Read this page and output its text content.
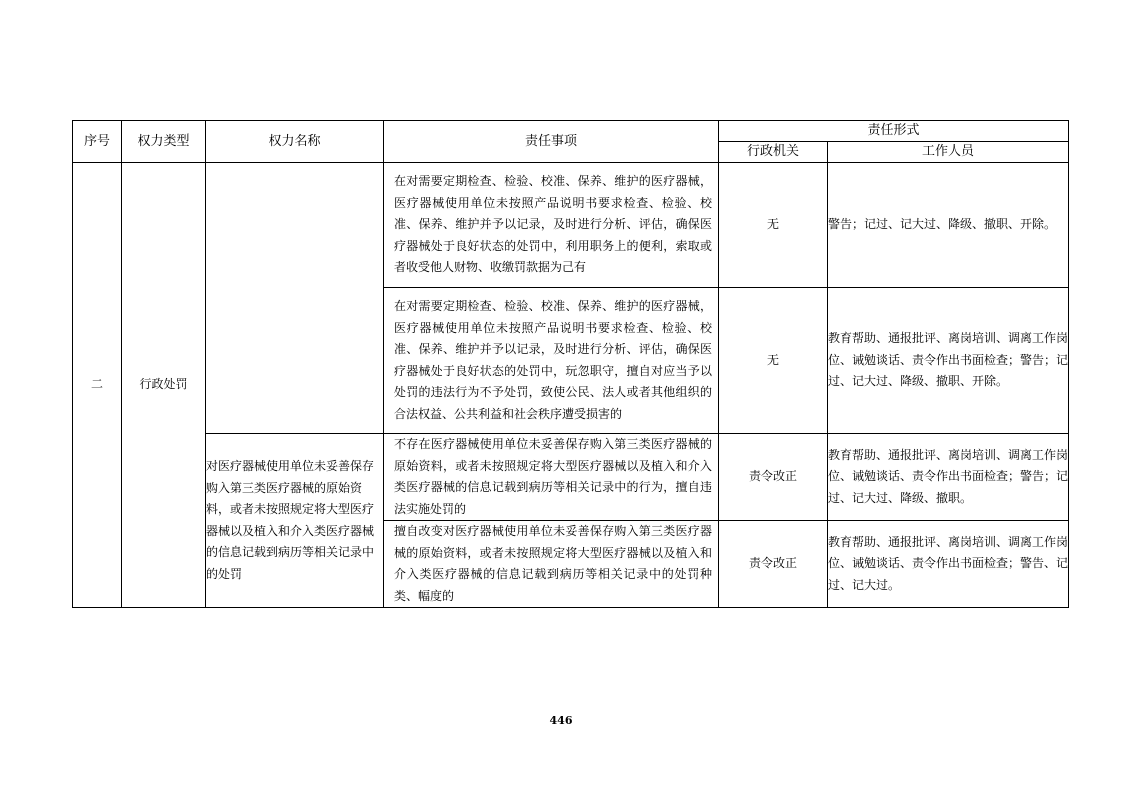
序号	权力类型	权力名称	责任事项	责任形式	
				行政机关	工作人员
二	行政处罚		在对需要定期检查、检验、校准、保养、维护的医疗器械，医疗器械使用单位未按照产品说明书要求检查、检验、校准、保养、维护并予以记录，及时进行分析、评估，确保医疗器械处于良好状态的处罚中，利用职务上的便利，索取或者收受他人财物、收缴罚款据为己有	无	警告；记过、记大过、降级、撤职、开除。
			在对需要定期检查、检验、校准、保养、维护的医疗器械，医疗器械使用单位未按照产品说明书要求检查、检验、校准、保养、维护并予以记录，及时进行分析、评估，确保医疗器械处于良好状态的处罚中，玩忽职守，擅自对应当予以处罚的违法行为不予处罚，致使公民、法人或者其他组织的合法权益、公共利益和社会秩序遭受损害的	无	教育帮助、通报批评、离岗培训、调离工作岗位、诫勉谈话、责令作出书面检查；警告；记过、记大过、降级、撤职、开除。
		对医疗器械使用单位未妥善保存购入第三类医疗器械的原始资料，或者未按照规定将大型医疗器械以及植入和介入类医疗器械的信息记载到病历等相关记录中的处罚	不存在医疗器械使用单位未妥善保存购入第三类医疗器械的原始资料，或者未按照规定将大型医疗器械以及植入和介入类医疗器械的信息记载到病历等相关记录中的行为，擅自违法实施处罚的	责令改正	教育帮助、通报批评、离岗培训、调离工作岗位、诫勉谈话、责令作出书面检查；警告；记过、记大过、降级、撤职。
			擅自改变对医疗器械使用单位未妥善保存购入第三类医疗器械的原始资料，或者未按照规定将大型医疗器械以及植入和介入类医疗器械的信息记载到病历等相关记录中的处罚种类、幅度的	责令改正	教育帮助、通报批评、离岗培训、调离工作岗位、诫勉谈话、责令作出书面检查；警告、记过、记大过。
446
